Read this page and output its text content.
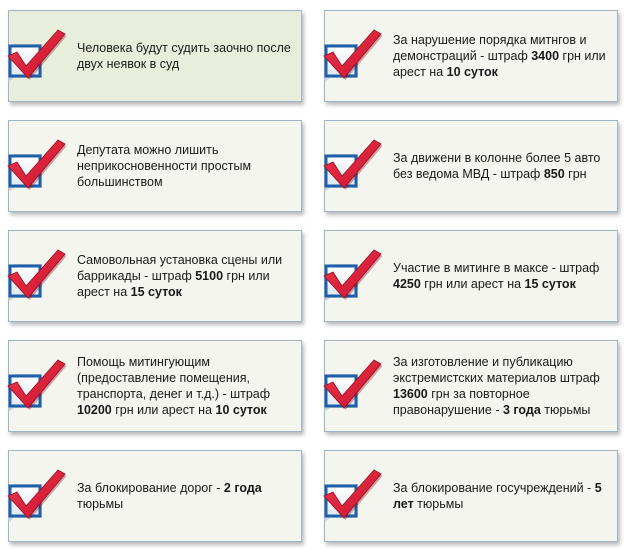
Человека будут судить заочно после двух неявок в суд

За нарушение порядка митнгов и демонстраций - штраф 3400 грн или арест на 10 суток

Депутата можно лишить неприкосновенности простым большинством

За движени в колонне более 5 авто без ведома МВД - штраф 850 грн

Самовольная установка сцены или баррикады - штраф 5100 грн или арест на 15 суток

Участие в митинге в максе - штраф 4250 грн или арест на 15 суток

Помощь митингующим (предоставление помещения, транспорта, денег и т.д.) - штраф 10200 грн или арест на 10 суток

За изготовление и публикацию экстремистских материалов штраф 13600 грн за повторное правонарушение - 3 года тюрьмы

За блокирование дорог - 2 года тюрьмы

За блокирование госучреждений - 5 лет тюрьмы
